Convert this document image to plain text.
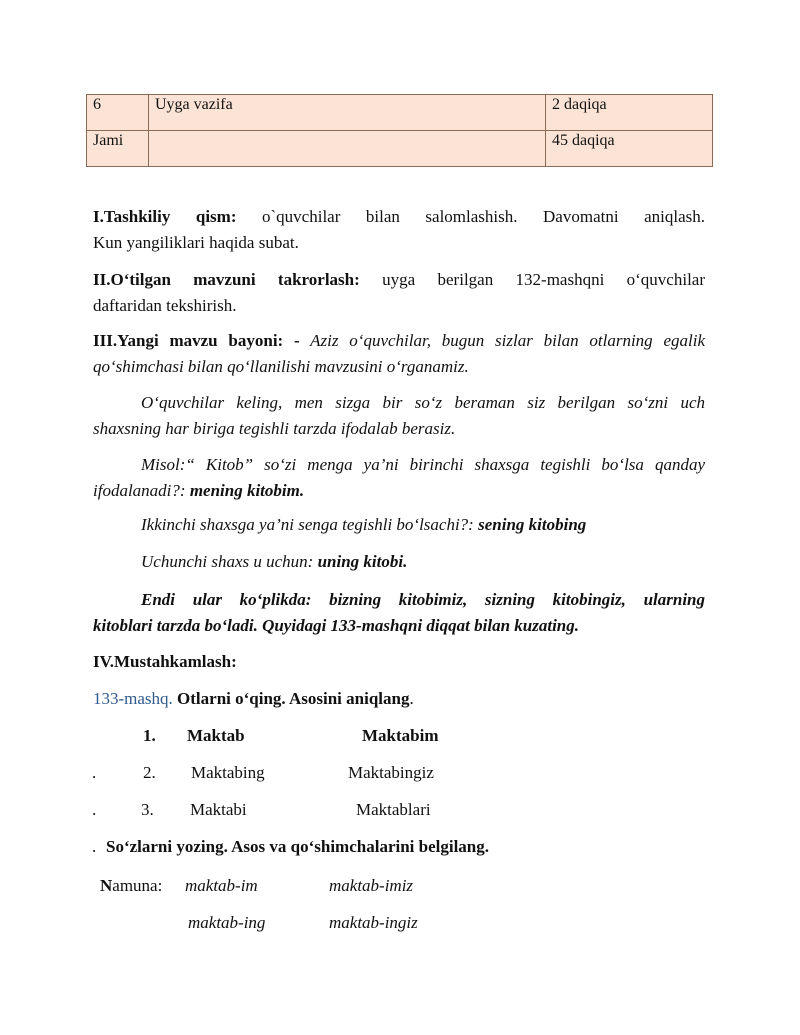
6	Uyga vazifa	2 daqiqa
Jami		45 daqiqa
I.Tashkiliy qism: o`quvchilar bilan salomlashish. Davomatni aniqlash.
Kun yangiliklari haqida subat.
II.O‘tilgan mavzuni takrorlash: uyga berilgan 132-mashqni o‘quvchilar
daftaridan tekshirish.
III.Yangi mavzu bayoni: - Aziz o‘quvchilar, bugun sizlar bilan otlarning egalik
qo‘shimchasi bilan qo‘llanilishi mavzusini o‘rganamiz.
O‘quvchilar keling, men sizga bir so‘z beraman siz berilgan so‘zni uch
shaxsning har biriga tegishli tarzda ifodalab berasiz.
Misol:“ Kitob” so‘zi menga ya’ni birinchi shaxsga tegishli bo‘lsa qanday
ifodalanadi?: mening kitobim.
Ikkinchi shaxsga ya’ni senga tegishli bo‘lsachi?: sening kitobing
Uchunchi shaxs u uchun: uning kitobi.
Endi ular ko‘plikda: bizning kitobimiz, sizning kitobingiz, ularning
kitoblari tarzda bo‘ladi. Quyidagi 133-mashqni diqqat bilan kuzating.
IV.Mustahkamlash:
133-mashq. Otlarni o‘qing. Asosini aniqlang.
1. Maktab	Maktabim
.	2. Maktabing	Maktabingiz
.	3. Maktabi	Maktablari
. So‘zlarni yozing. Asos va qo‘shimchalarini belgilang.
Namuna: maktab-im	maktab-imiz
maktab-ing	maktab-ingiz
